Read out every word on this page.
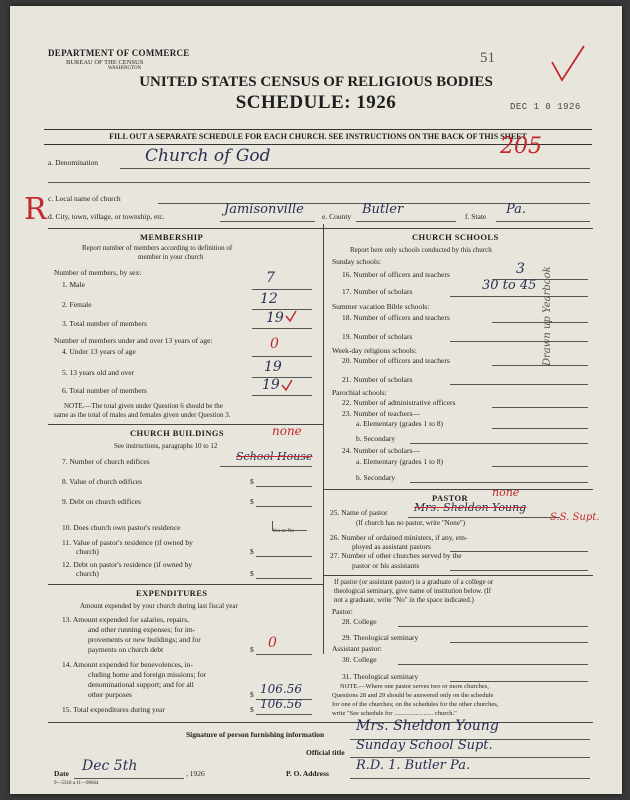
DEPARTMENT OF COMMERCE
BUREAU OF THE CENSUS
WASHINGTON
51
UNITED STATES CENSUS OF RELIGIOUS BODIES
SCHEDULE: 1926	DEC 1 0 1926
FILL OUT A SEPARATE SCHEDULE FOR EACH CHURCH. SEE INSTRUCTIONS ON THE BACK OF THIS SHEET
205
R
a. Denomination	Church of God
c. Local name of church
d. City, town, village, or township, etc.	Jamisonville e. County Butler	f. State Pa.
MEMBERSHIP
Report number of members according to definition of
member in your church
Number of members, by sex:
1. Male	7
2. Female	12
3. Total number of members	19
Number of members under and over 13 years of age:
4. Under 13 years of age	0
5. 13 years old and over	19
6. Total number of members	19
NOTE.—The total given under Question 6 should be the
same as the total of males and females given under Question 3.
CHURCH BUILDINGS
See instructions, paragraphs 10 to 12
none
7. Number of church edifices	School House
8. Value of church edifices	$
9. Debt on church edifices	$
10. Does church own pastor's residence	Yes or No
11. Value of pastor's residence (if owned by
church)	$
12. Debt on pastor's residence (if owned by
church)	$
EXPENDITURES
Amount expended by your church during last fiscal year
13. Amount expended for salaries, repairs,
and other running expenses; for im-
provements or new buildings; and for
payments on church debt	$ 0
14. Amount expended for benevolences, in-
cluding home and foreign missions; for
denominational support; and for all
other purposes	$ 106.56
15. Total expenditures during year	$ 106.56
CHURCH SCHOOLS
Report here only schools conducted by this church
Sunday schools:
16. Number of officers and teachers	3
17. Number of scholars	30 to 45
Summer vacation Bible schools:
18. Number of officers and teachers
19. Number of scholars
Week-day religious schools:
20. Number of officers and teachers
21. Number of scholars
Parochial schools:
22. Number of administrative officers
23. Number of teachers—
a. Elementary (grades 1 to 8)
b. Secondary
24. Number of scholars—
a. Elementary (grades 1 to 8)
b. Secondary
Drawn up Yearbook
PASTOR none
25. Name of pastor Mrs. Sheldon Young
(If church has no pastor, write "None")	S.S. Supt.
26. Number of ordained ministers, if any, em-
ployed as assistant pastors
27. Number of other churches served by the
pastor or his assistants
If pastor (or assistant pastor) is a graduate of a college or
theological seminary, give name of institution below. (If
not a graduate, write "No" in the space indicated.)
Pastor:
28. College
29. Theological seminary
Assistant pastor:
30. College
31. Theological seminary
NOTE.—Where one pastor serves two or more churches,
Questions 28 and 29 should be answered only on the schedule
for one of the churches; on the schedules for the other churches,
write "See schedule for ........................ church."
Signature of person furnishing information
Mrs. Sheldon Young
Official title Sunday School Supt.
Date Dec 5th	, 1926	P. O. Address
R.D. 1. Butler Pa.
9—5318 a 11—90664
